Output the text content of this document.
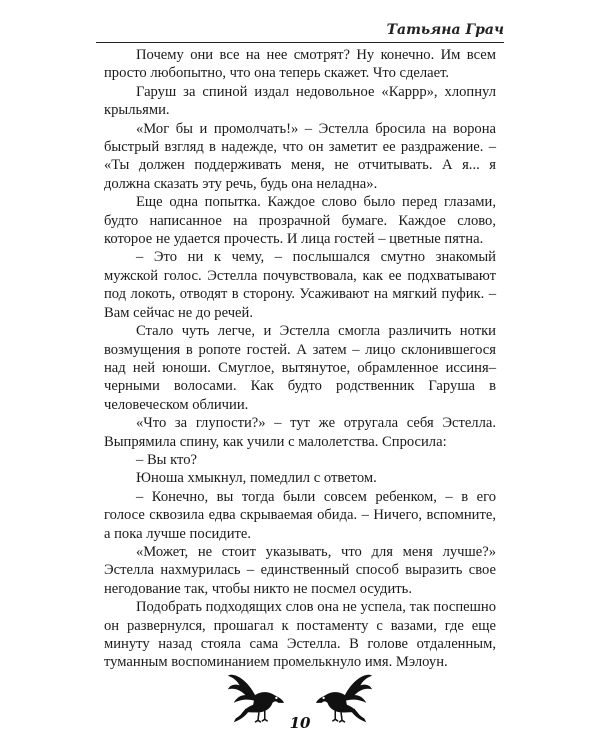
Татьяна Грач

Почему они все на нее смотрят? Ну конечно. Им всем просто любопытно, что она теперь скажет. Что сделает.

Гаруш за спиной издал недовольное «Каррр», хлопнул крыльями.

«Мог бы и промолчать!» – Эстелла бросила на ворона быстрый взгляд в надежде, что он заметит ее раздражение. – «Ты должен поддерживать меня, не отчитывать. А я... я должна сказать эту речь, будь она неладна».

Еще одна попытка. Каждое слово было перед глазами, будто написанное на прозрачной бумаге. Каждое слово, которое не удается прочесть. И лица гостей – цветные пятна.

– Это ни к чему, – послышался смутно знакомый мужской голос. Эстелла почувствовала, как ее подхватывают под локоть, отводят в сторону. Усаживают на мягкий пуфик. – Вам сейчас не до речей.

Стало чуть легче, и Эстелла смогла различить нотки возмущения в ропоте гостей. А затем – лицо склонившегося над ней юноши. Смуглое, вытянутое, обрамленное иссиня–черными волосами. Как будто родственник Гаруша в человеческом обличии.

«Что за глупости?» – тут же отругала себя Эстелла. Выпрямила спину, как учили с малолетства. Спросила:

– Вы кто?

Юноша хмыкнул, помедлил с ответом.

– Конечно, вы тогда были совсем ребенком, – в его голосе сквозила едва скрываемая обида. – Ничего, вспомните, а пока лучше посидите.

«Может, не стоит указывать, что для меня лучше?» Эстелла нахмурилась – единственный способ выразить свое негодование так, чтобы никто не посмел осудить.

Подобрать подходящих слов она не успела, так поспешно он развернулся, прошагал к постаменту с вазами, где еще минуту назад стояла сама Эстелла. В голове отдаленным, туманным воспоминанием промелькнуло имя. Мэлоун.

10
